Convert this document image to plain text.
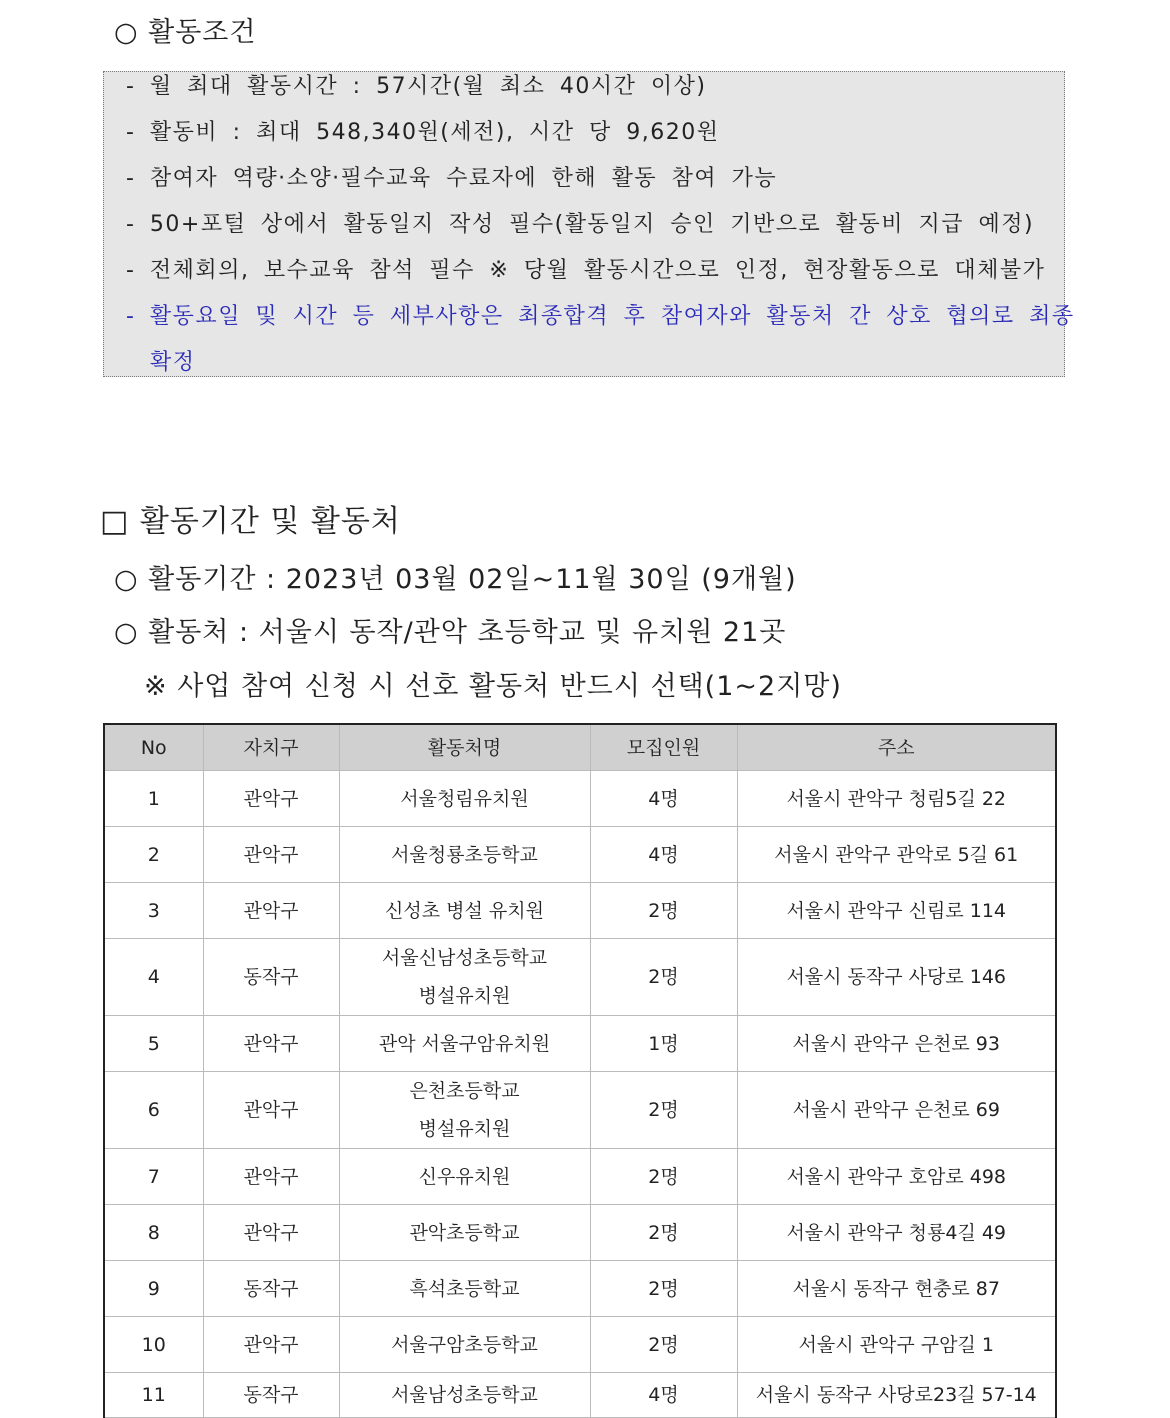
○ 활동조건
- 월 최대 활동시간 : 57시간(월 최소 40시간 이상)
- 활동비 : 최대 548,340원(세전), 시간 당 9,620원
- 참여자 역량·소양·필수교육 수료자에 한해 활동 참여 가능
- 50+포털 상에서 활동일지 작성 필수(활동일지 승인 기반으로 활동비 지급 예정)
- 전체회의, 보수교육 참석 필수 ※ 당월 활동시간으로 인정, 현장활동으로 대체불가
- 활동요일 및 시간 등 세부사항은 최종합격 후 참여자와 활동처 간 상호 협의로 최종
확정
□ 활동기간 및 활동처
○ 활동기간 : 2023년 03월 02일~11월 30일 (9개월)
○ 활동처 : 서울시 동작/관악 초등학교 및 유치원 21곳
※ 사업 참여 신청 시 선호 활동처 반드시 선택(1~2지망)
No	자치구	활동처명	모집인원	주소
1	관악구	서울청림유치원	4명	서울시 관악구 청림5길 22
2	관악구	서울청룡초등학교	4명	서울시 관악구 관악로 5길 61
3	관악구	신성초 병설 유치원	2명	서울시 관악구 신림로 114
4	동작구	서울신남성초등학교
병설유치원	2명	서울시 동작구 사당로 146
5	관악구	관악 서울구암유치원	1명	서울시 관악구 은천로 93
6	관악구	은천초등학교
병설유치원	2명	서울시 관악구 은천로 69
7	관악구	신우유치원	2명	서울시 관악구 호암로 498
8	관악구	관악초등학교	2명	서울시 관악구 청룡4길 49
9	동작구	흑석초등학교	2명	서울시 동작구 현충로 87
10	관악구	서울구암초등학교	2명	서울시 관악구 구암길 1
11	동작구	서울남성초등학교	4명	서울시 동작구 사당로23길 57-14
